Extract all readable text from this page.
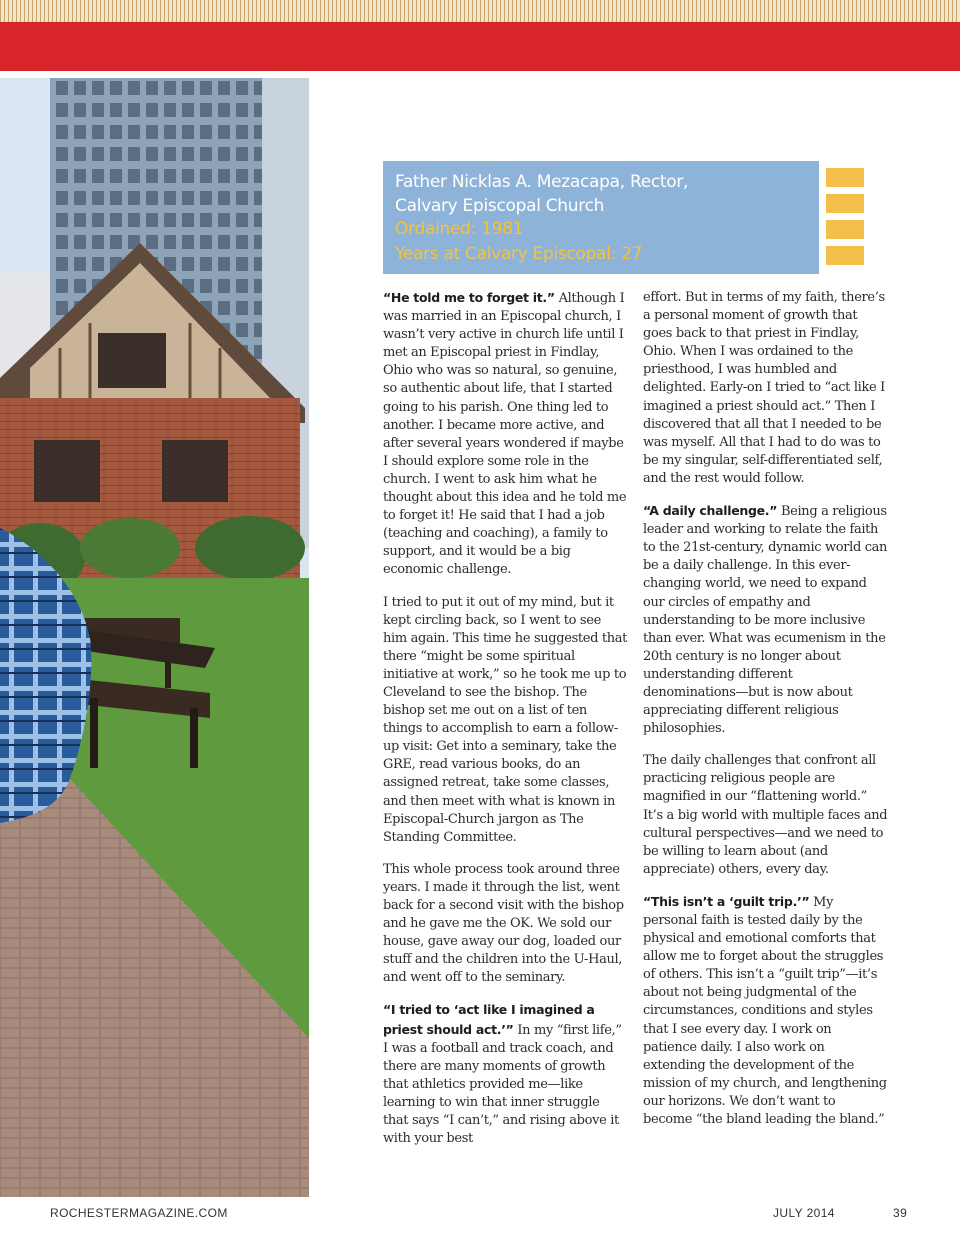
Father Nicklas A. Mezacapa, Rector,
Calvary Episcopal Church
Ordained: 1981
Years at Calvary Episcopal: 27

“He told me to forget it.” Although I was married in an Episcopal church, I wasn’t very active in church life until I met an Episcopal priest in Findlay, Ohio who was so natural, so genuine, so authentic about life, that I started going to his parish. One thing led to another. I became more active, and after several years wondered if maybe I should explore some role in the church. I went to ask him what he thought about this idea and he told me to forget it! He said that I had a job (teaching and coaching), a family to support, and it would be a big economic challenge.

I tried to put it out of my mind, but it kept circling back, so I went to see him again. This time he suggested that there “might be some spiritual initiative at work,” so he took me up to Cleveland to see the bishop. The bishop set me out on a list of ten things to accomplish to earn a follow-up visit: Get into a seminary, take the GRE, read various books, do an assigned retreat, take some classes, and then meet with what is known in Episcopal-Church jargon as The Standing Committee.

This whole process took around three years. I made it through the list, went back for a second visit with the bishop and he gave me the OK. We sold our house, gave away our dog, loaded our stuff and the children into the U-Haul, and went off to the seminary.

“I tried to ‘act like I imagined a priest should act.’” In my “first life,” I was a football and track coach, and there are many moments of growth that athletics provided me—like learning to win that inner struggle that says “I can’t,” and rising above it with your best

effort. But in terms of my faith, there’s a personal moment of growth that goes back to that priest in Findlay, Ohio. When I was ordained to the priesthood, I was humbled and delighted. Early-on I tried to “act like I imagined a priest should act.” Then I discovered that all that I needed to be was myself. All that I had to do was to be my singular, self-differentiated self, and the rest would follow.

“A daily challenge.” Being a religious leader and working to relate the faith to the 21st-century, dynamic world can be a daily challenge. In this ever-changing world, we need to expand our circles of empathy and understanding to be more inclusive than ever. What was ecumenism in the 20th century is no longer about understanding different denominations—but is now about appreciating different religious philosophies.

The daily challenges that confront all practicing religious people are magnified in our “flattening world.” It’s a big world with multiple faces and cultural perspectives—and we need to be willing to learn about (and appreciate) others, every day.

“This isn’t a ‘guilt trip.’” My personal faith is tested daily by the physical and emotional comforts that allow me to forget about the struggles of others. This isn’t a “guilt trip”—it’s about not being judgmental of the circumstances, conditions and styles that I see every day. I work on patience daily. I also work on extending the development of the mission of my church, and lengthening our horizons. We don’t want to become “the bland leading the bland.”

ROCHESTERMAGAZINE.COM	JULY 2014	39
